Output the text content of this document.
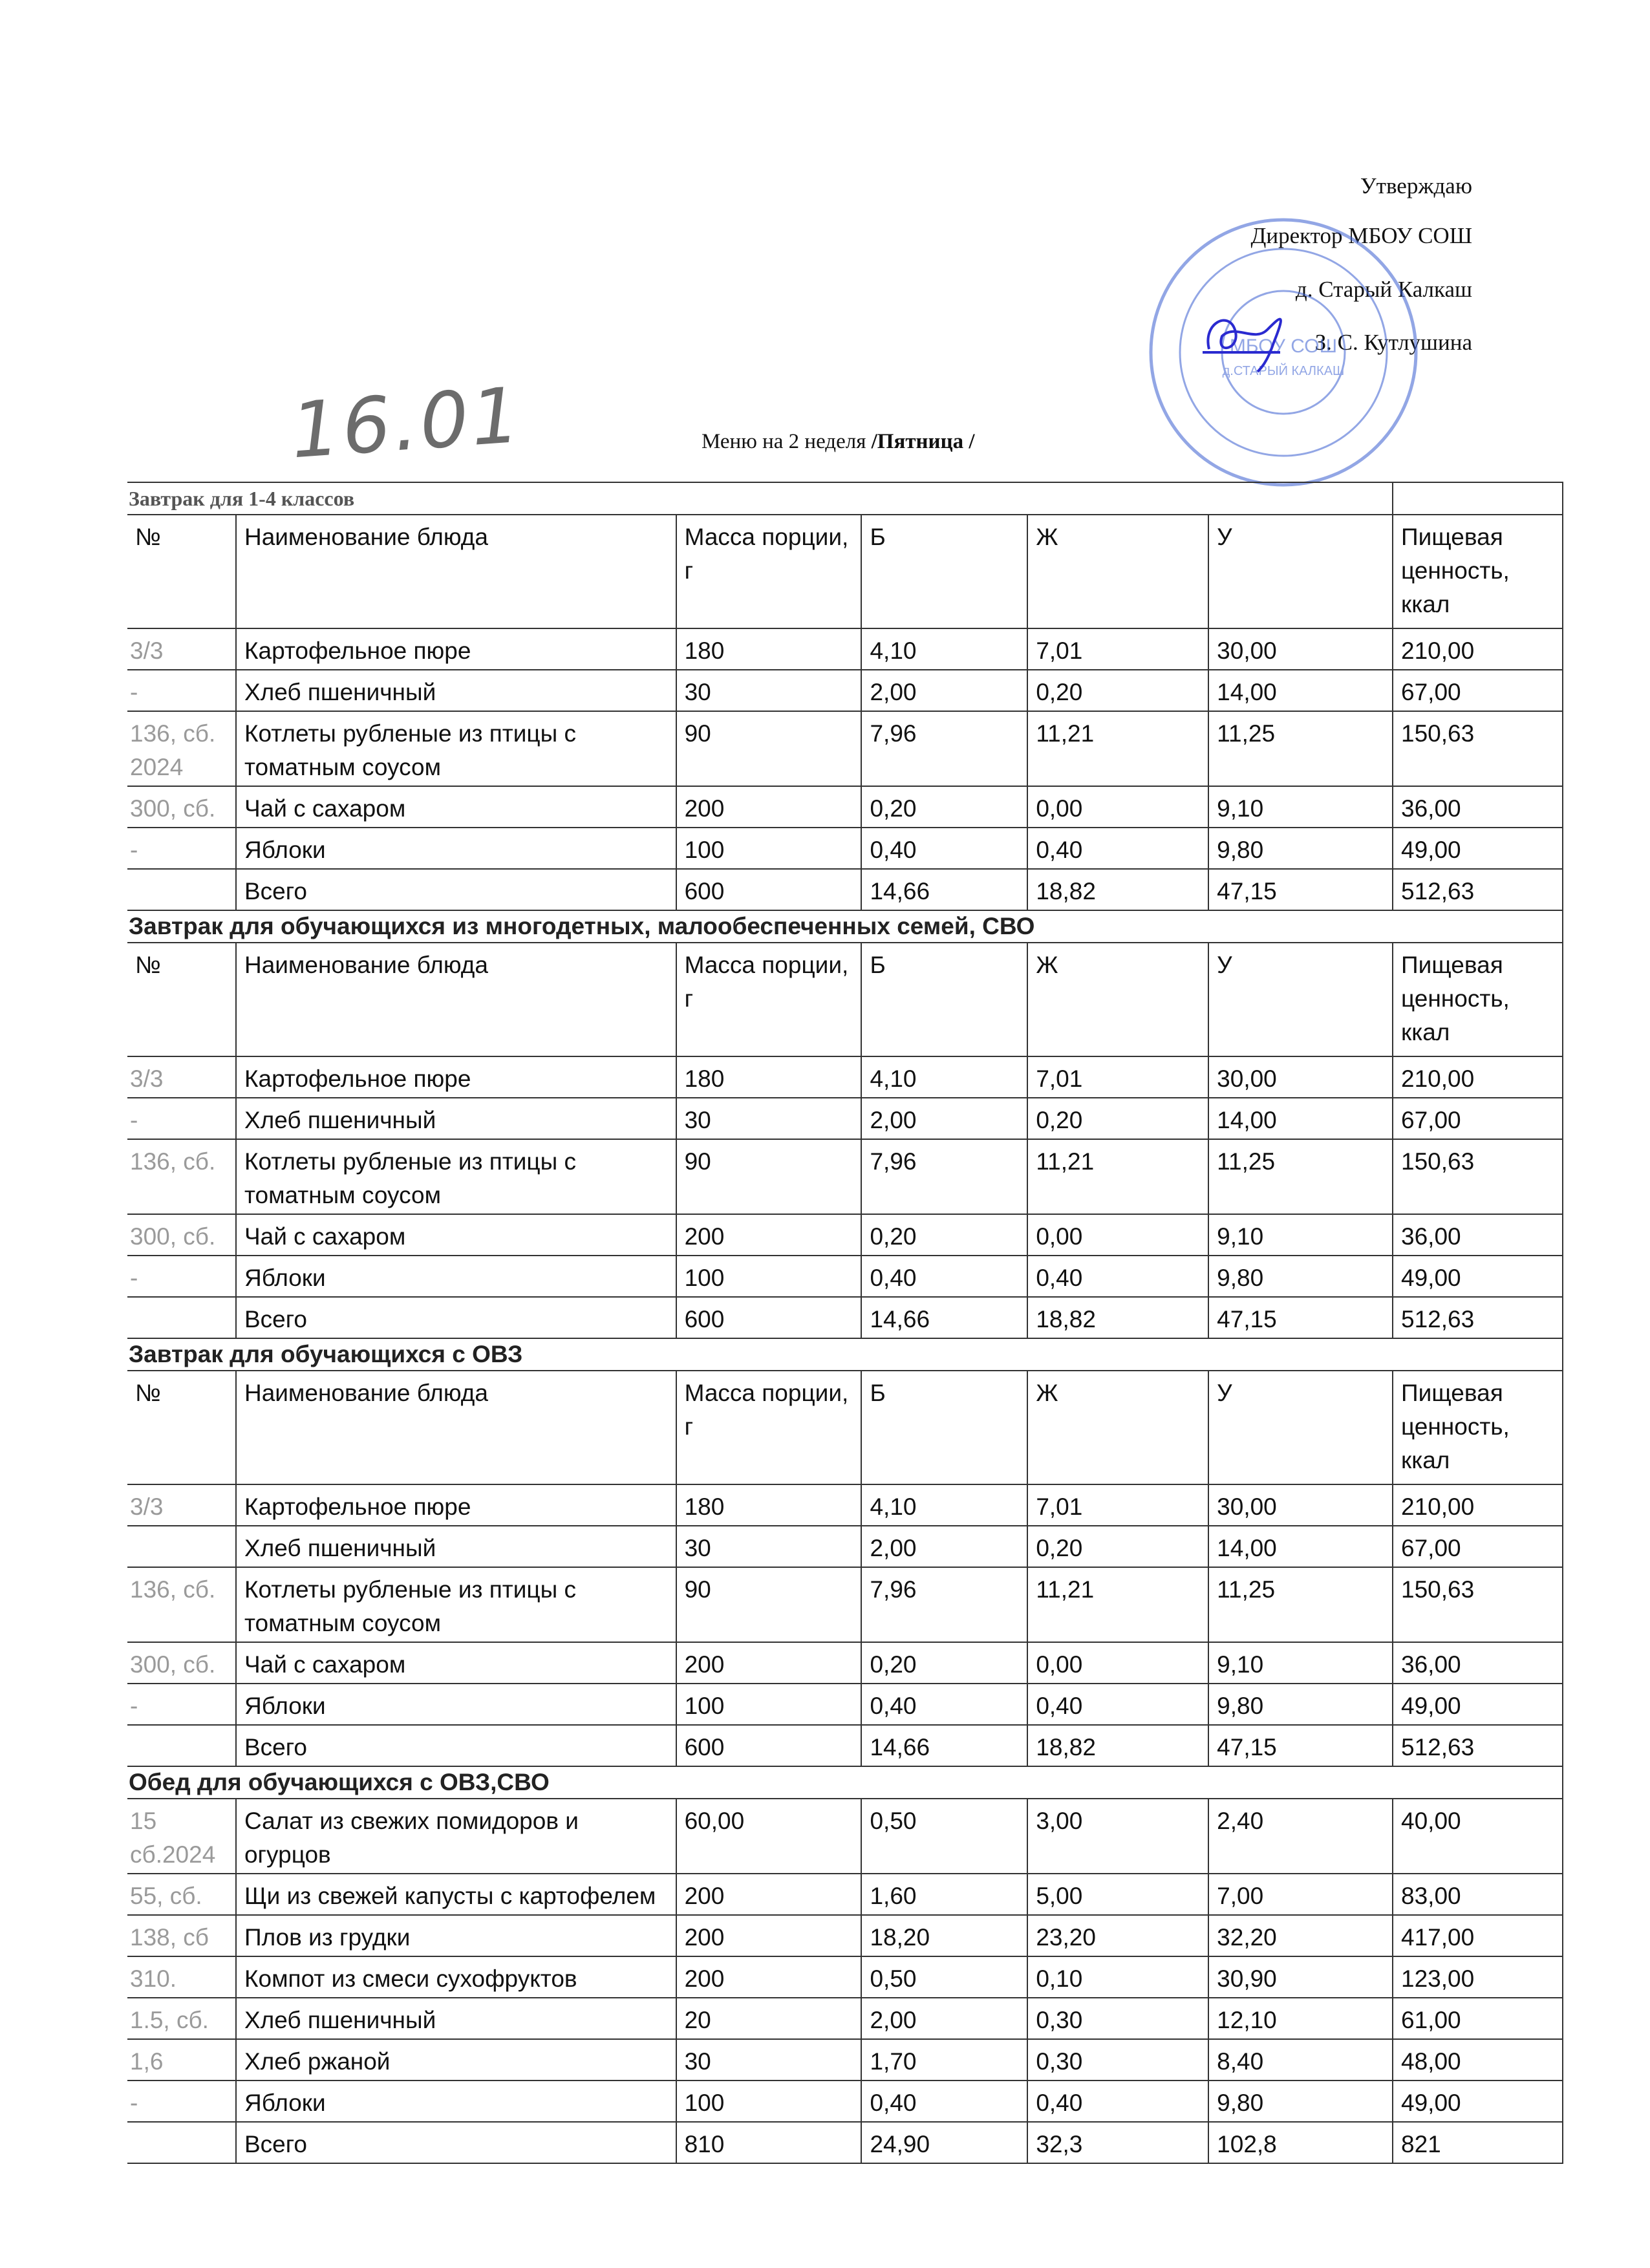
Утверждаю
Директор МБОУ СОШ
д. Старый Калкаш
З. С. Кутлушина
МБОУ СОШ
д.СТАРЫЙ КАЛКАШ
16.01	Меню на 2 неделя /Пятница /
Завтрак для 1-4 классов						
№	Наименование блюда	Масса порции, г	Б	Ж	У	Пищевая ценность, ккал
3/3	Картофельное пюре	180	4,10	7,01	30,00	210,00
-	Хлеб пшеничный	30	2,00	0,20	14,00	67,00
136, сб. 2024	Котлеты рубленые из птицы с томатным соусом	90	7,96	11,21	11,25	150,63
300, сб.	Чай с сахаром	200	0,20	0,00	9,10	36,00
-	Яблоки	100	0,40	0,40	9,80	49,00
	Всего	600	14,66	18,82	47,15	512,63
Завтрак для обучающихся из многодетных, малообеспеченных семей, СВО						
№	Наименование блюда	Масса порции, г	Б	Ж	У	Пищевая ценность, ккал
3/3	Картофельное пюре	180	4,10	7,01	30,00	210,00
-	Хлеб пшеничный	30	2,00	0,20	14,00	67,00
136, сб.	Котлеты рубленые из птицы с томатным соусом	90	7,96	11,21	11,25	150,63
300, сб.	Чай с сахаром	200	0,20	0,00	9,10	36,00
-	Яблоки	100	0,40	0,40	9,80	49,00
	Всего	600	14,66	18,82	47,15	512,63
Завтрак для обучающихся с ОВЗ						
№	Наименование блюда	Масса порции, г	Б	Ж	У	Пищевая ценность, ккал
3/3	Картофельное пюре	180	4,10	7,01	30,00	210,00
	Хлеб пшеничный	30	2,00	0,20	14,00	67,00
136, сб.	Котлеты рубленые из птицы с томатным соусом	90	7,96	11,21	11,25	150,63
300, сб.	Чай с сахаром	200	0,20	0,00	9,10	36,00
-	Яблоки	100	0,40	0,40	9,80	49,00
	Всего	600	14,66	18,82	47,15	512,63
Обед для обучающихся с ОВЗ,СВО						
15 сб.2024	Салат из свежих помидоров и огурцов	60,00	0,50	3,00	2,40	40,00
55, сб.	Щи из свежей капусты с картофелем	200	1,60	5,00	7,00	83,00
138, сб	Плов из грудки	200	18,20	23,20	32,20	417,00
310.	Компот из смеси сухофруктов	200	0,50	0,10	30,90	123,00
1.5, сб.	Хлеб пшеничный	20	2,00	0,30	12,10	61,00
1,6	Хлеб ржаной	30	1,70	0,30	8,40	48,00
-	Яблоки	100	0,40	0,40	9,80	49,00
	Всего	810	24,90	32,3	102,8	821
